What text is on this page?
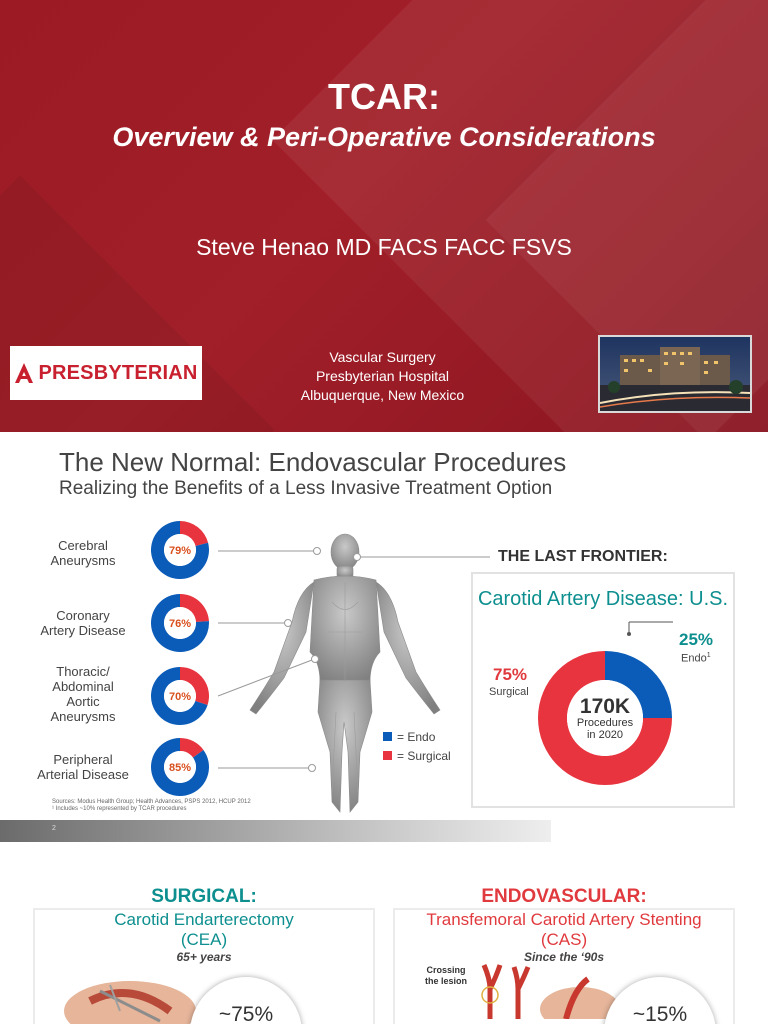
TCAR:
Overview & Peri-Operative Considerations
Steve Henao MD FACS FACC FSVS
PRESBYTERIAN
Vascular Surgery
Presbyterian Hospital
Albuquerque, New Mexico
The New Normal: Endovascular Procedures
Realizing the Benefits of a Less Invasive Treatment Option
Cerebral
Aneurysms
Coronary
Artery Disease
Thoracic/
Abdominal
Aortic
Aneurysms
Peripheral
Arterial Disease
79%
76%
70%
85%
THE LAST FRONTIER:
Carotid Artery Disease: U.S.
25%
Endo$^1$
75%
Surgical
170K
Procedures
in 2020
= Endo
= Surgical
Sources: Modus Health Group; Health Advances, PSPS 2012, HCUP 2012
¹ Includes ~10% represented by TCAR procedures
2
SURGICAL:
Carotid Endarterectomy
(CEA)
65+ years
ENDOVASCULAR:
Transfemoral Carotid Artery Stenting
(CAS)
Since the ‘90s
~75%
Crossing
the lesion
~15%
